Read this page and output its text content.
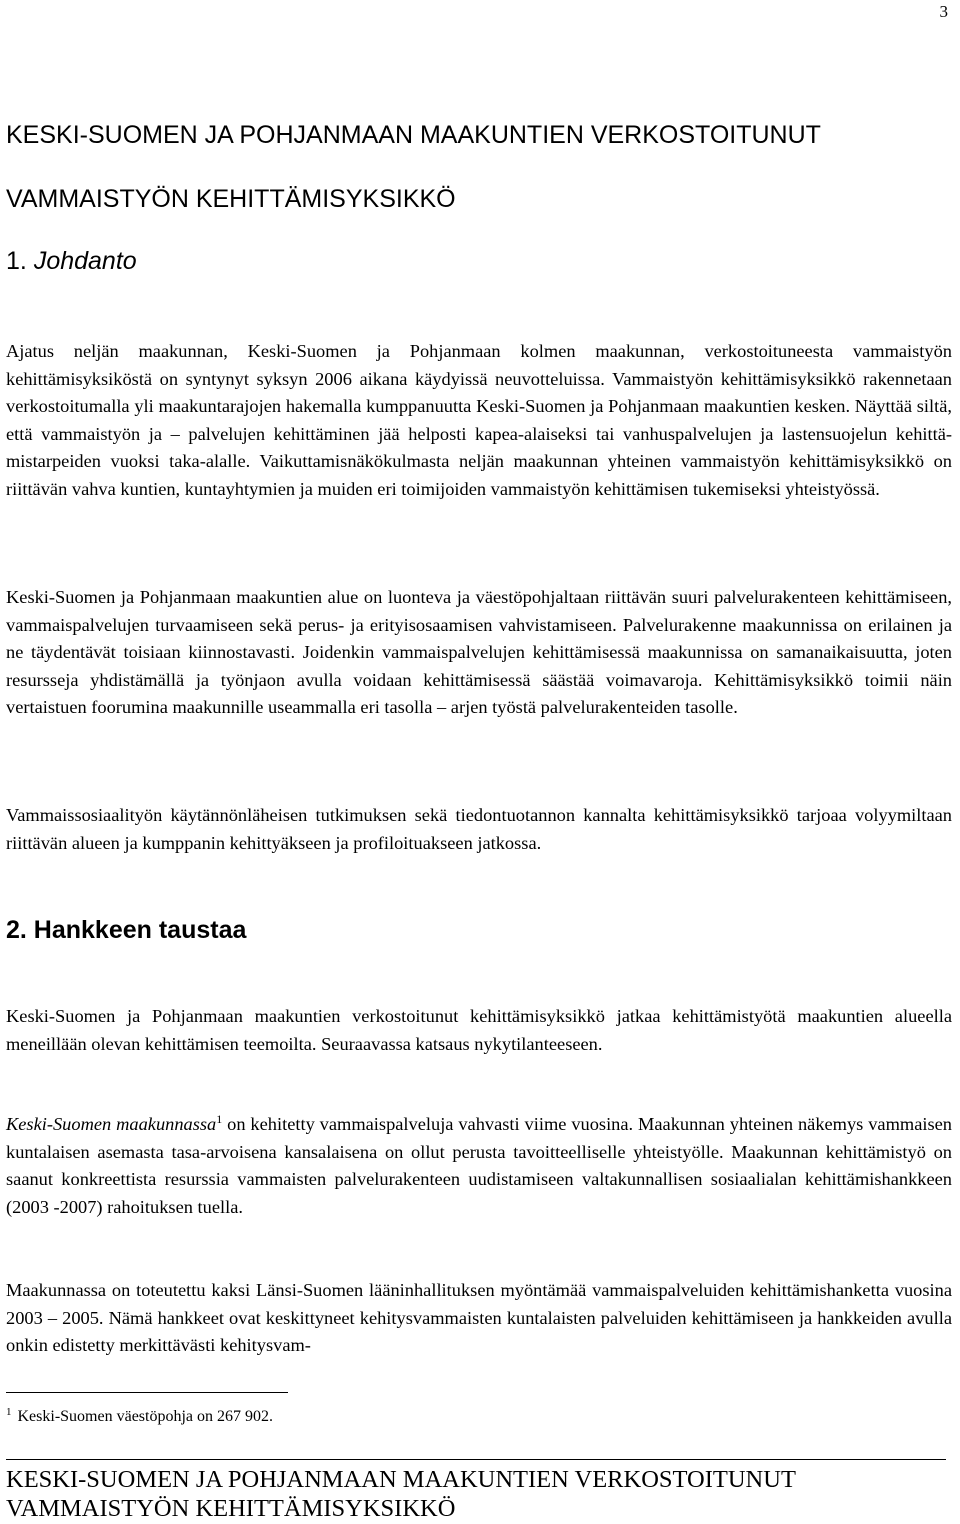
3
KESKI-SUOMEN JA POHJANMAAN MAAKUNTIEN VERKOSTOITUNUT
VAMMAISTYÖN KEHITTÄMISYKSIKKÖ
1. Johdanto

Ajatus neljän maakunnan, Keski-Suomen ja Pohjanmaan kolmen maakunnan, verkostoituneesta vammaistyön kehittämisyksiköstä on syntynyt syksyn 2006 aikana käydyissä neuvotteluissa. Vammaistyön kehittämisyksikkö rakennetaan verkostoitumalla yli maakuntarajojen hakemalla kumppanuutta Keski-Suomen ja Pohjanmaan maakuntien kesken. Näyttää siltä, että vammaistyön ja – palvelujen kehittäminen jää helposti kapea-alaiseksi tai vanhuspalvelujen ja lastensuojelun kehittämistarpeiden vuoksi taka-alalle. Vaikuttamisnäkökulmasta neljän maakunnan yhteinen vammaistyön kehittämisyksikkö on riittävän vahva kuntien, kuntayhtymien ja muiden eri toimijoiden vammaistyön kehittämisen tukemiseksi yhteistyössä.

Keski-Suomen ja Pohjanmaan maakuntien alue on luonteva ja väestöpohjaltaan riittävän suuri palvelurakenteen kehittämiseen, vammaispalvelujen turvaamiseen sekä perus- ja erityisosaamisen vahvistamiseen. Palvelurakenne maakunnissa on erilainen ja ne täydentävät toisiaan kiinnostavasti. Joidenkin vammaispalvelujen kehittämisessä maakunnissa on samanaikaisuutta, joten resursseja yhdistämällä ja työnjaon avulla voidaan kehittämisessä säästää voimavaroja. Kehittämisyksikkö toimii näin vertaistuen foorumina maakunnille useammalla eri tasolla – arjen työstä palvelurakenteiden tasolle.

Vammaissosiaalityön käytännönläheisen tutkimuksen sekä tiedontuotannon kannalta kehittämisyksikkö tarjoaa volyymiltaan riittävän alueen ja kumppanin kehittyäkseen ja profiloituakseen jatkossa.

2. Hankkeen taustaa

Keski-Suomen ja Pohjanmaan maakuntien verkostoitunut kehittämisyksikkö jatkaa kehittämistyötä maakuntien alueella meneillään olevan kehittämisen teemoilta. Seuraavassa katsaus nykytilanteeseen.

Keski-Suomen maakunnassa$^1$ on kehitetty vammaispalveluja vahvasti viime vuosina. Maakunnan yhteinen näkemys vammaisen kuntalaisen asemasta tasa-arvoisena kansalaisena on ollut perusta tavoitteelliselle yhteistyölle. Maakunnan kehittämistyö on saanut konkreettista resurssia vammaisten palvelurakenteen uudistamiseen valtakunnallisen sosiaalialan kehittämishankkeen (2003 -2007) rahoituksen tuella.

Maakunnassa on toteutettu kaksi Länsi-Suomen lääninhallituksen myöntämää vammaispalveluiden kehittämishanketta vuosina 2003 – 2005. Nämä hankkeet ovat keskittyneet kehitysvammaisten kuntalaisten palveluiden kehittämiseen ja hankkeiden avulla onkin edistetty merkittävästi kehitysvam-

$^1$ Keski-Suomen väestöpohja on 267 902.
KESKI-SUOMEN JA POHJANMAAN MAAKUNTIEN VERKOSTOITUNUT
VAMMAISTYÖN KEHITTÄMISYKSIKKÖ
